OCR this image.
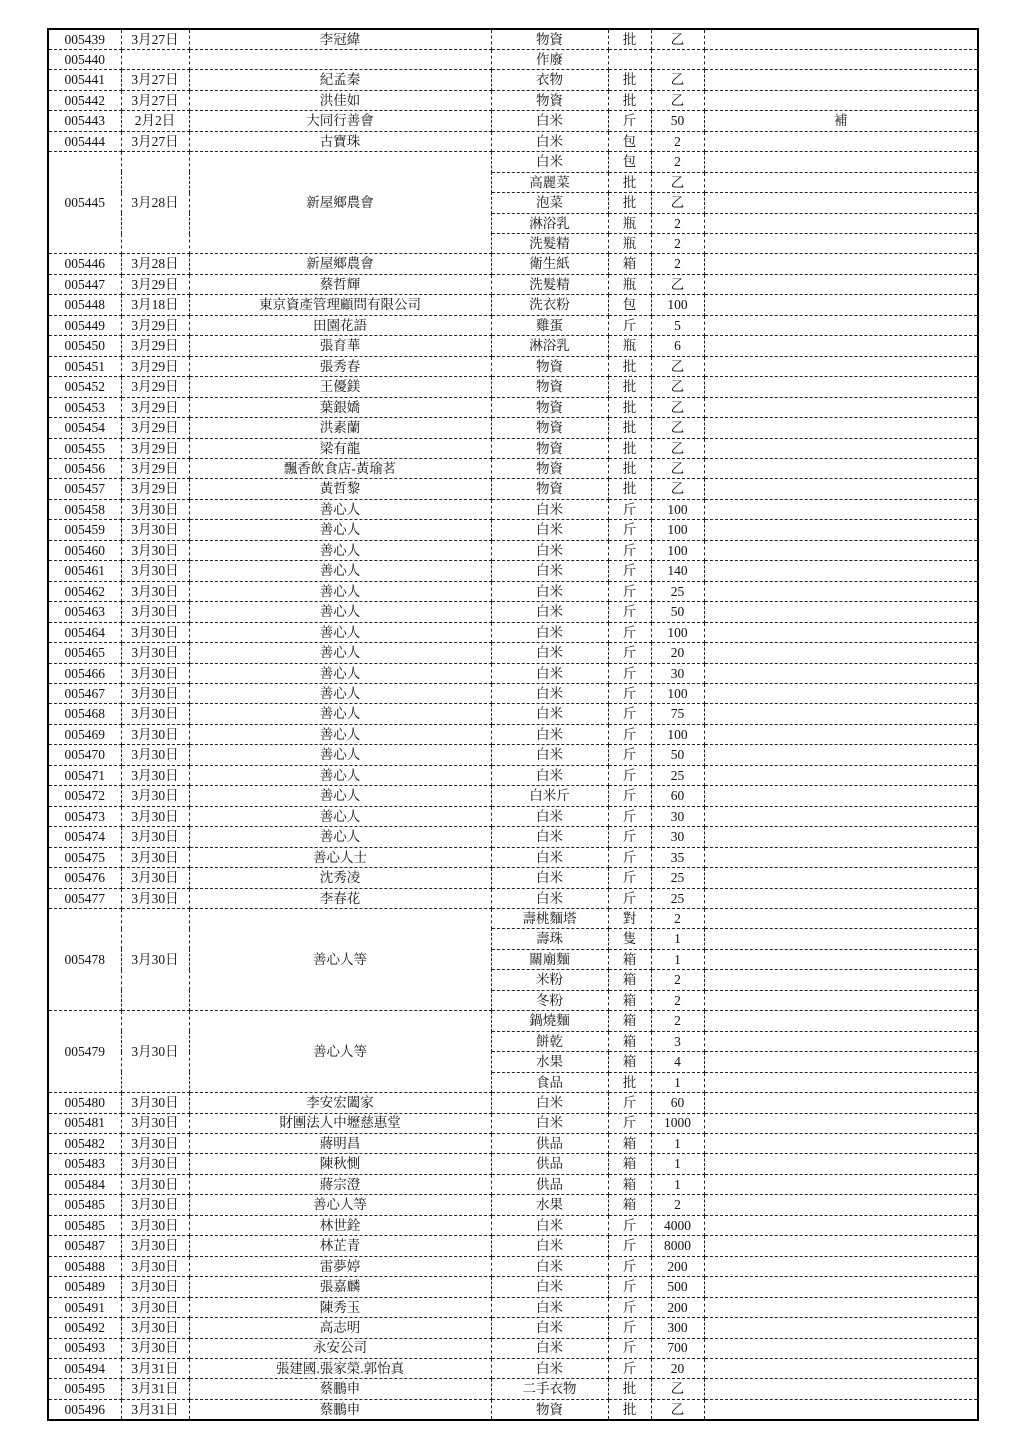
005439	3月27日	李冠緯	物資	批	乙	
005440			作廢			
005441	3月27日	紀孟秦	衣物	批	乙	
005442	3月27日	洪佳如	物資	批	乙	
005443	2月2日	大同行善會	白米	斤	50	補
005444	3月27日	古寶珠	白米	包	2	
005445	3月28日	新屋鄉農會	白米	包	2	
			高麗菜	批	乙	
			泡菜	批	乙	
			淋浴乳	瓶	2	
			洗髮精	瓶	2	
005446	3月28日	新屋鄉農會	衛生紙	箱	2	
005447	3月29日	蔡哲輝	洗髮精	瓶	乙	
005448	3月18日	東京資產管理顧問有限公司	洗衣粉	包	100	
005449	3月29日	田園花語	雞蛋	斤	5	
005450	3月29日	張育華	淋浴乳	瓶	6	
005451	3月29日	張秀春	物資	批	乙	
005452	3月29日	王優鎂	物資	批	乙	
005453	3月29日	葉銀嬌	物資	批	乙	
005454	3月29日	洪素蘭	物資	批	乙	
005455	3月29日	梁有龍	物資	批	乙	
005456	3月29日	飄香飲食店-黃瑜茗	物資	批	乙	
005457	3月29日	黃哲黎	物資	批	乙	
005458	3月30日	善心人	白米	斤	100	
005459	3月30日	善心人	白米	斤	100	
005460	3月30日	善心人	白米	斤	100	
005461	3月30日	善心人	白米	斤	140	
005462	3月30日	善心人	白米	斤	25	
005463	3月30日	善心人	白米	斤	50	
005464	3月30日	善心人	白米	斤	100	
005465	3月30日	善心人	白米	斤	20	
005466	3月30日	善心人	白米	斤	30	
005467	3月30日	善心人	白米	斤	100	
005468	3月30日	善心人	白米	斤	75	
005469	3月30日	善心人	白米	斤	100	
005470	3月30日	善心人	白米	斤	50	
005471	3月30日	善心人	白米	斤	25	
005472	3月30日	善心人	白米斤	斤	60	
005473	3月30日	善心人	白米	斤	30	
005474	3月30日	善心人	白米	斤	30	
005475	3月30日	善心人士	白米	斤	35	
005476	3月30日	沈秀凌	白米	斤	25	
005477	3月30日	李春花	白米	斤	25	
005478	3月30日	善心人等	壽桃麵塔	對	2	
			壽珠	隻	1	
			關廟麵	箱	1	
			米粉	箱	2	
			冬粉	箱	2	
005479	3月30日	善心人等	鍋燒麵	箱	2	
			餅乾	箱	3	
			水果	箱	4	
			食品	批	1	
005480	3月30日	李安宏闔家	白米	斤	60	
005481	3月30日	財團法人中壢慈惠堂	白米	斤	1000	
005482	3月30日	蔣明昌	供品	箱	1	
005483	3月30日	陳秋惻	供品	箱	1	
005484	3月30日	蔣宗澄	供品	箱	1	
005485	3月30日	善心人等	水果	箱	2	
005485	3月30日	林世銓	白米	斤	4000	
005487	3月30日	林芷青	白米	斤	8000	
005488	3月30日	雷夢婷	白米	斤	200	
005489	3月30日	張嘉麟	白米	斤	500	
005491	3月30日	陳秀玉	白米	斤	200	
005492	3月30日	高志明	白米	斤	300	
005493	3月30日	永安公司	白米	斤	700	
005494	3月31日	張建國.張家榮.郭怡真	白米	斤	20	
005495	3月31日	蔡鵬申	二手衣物	批	乙	
005496	3月31日	蔡鵬申	物資	批	乙	
